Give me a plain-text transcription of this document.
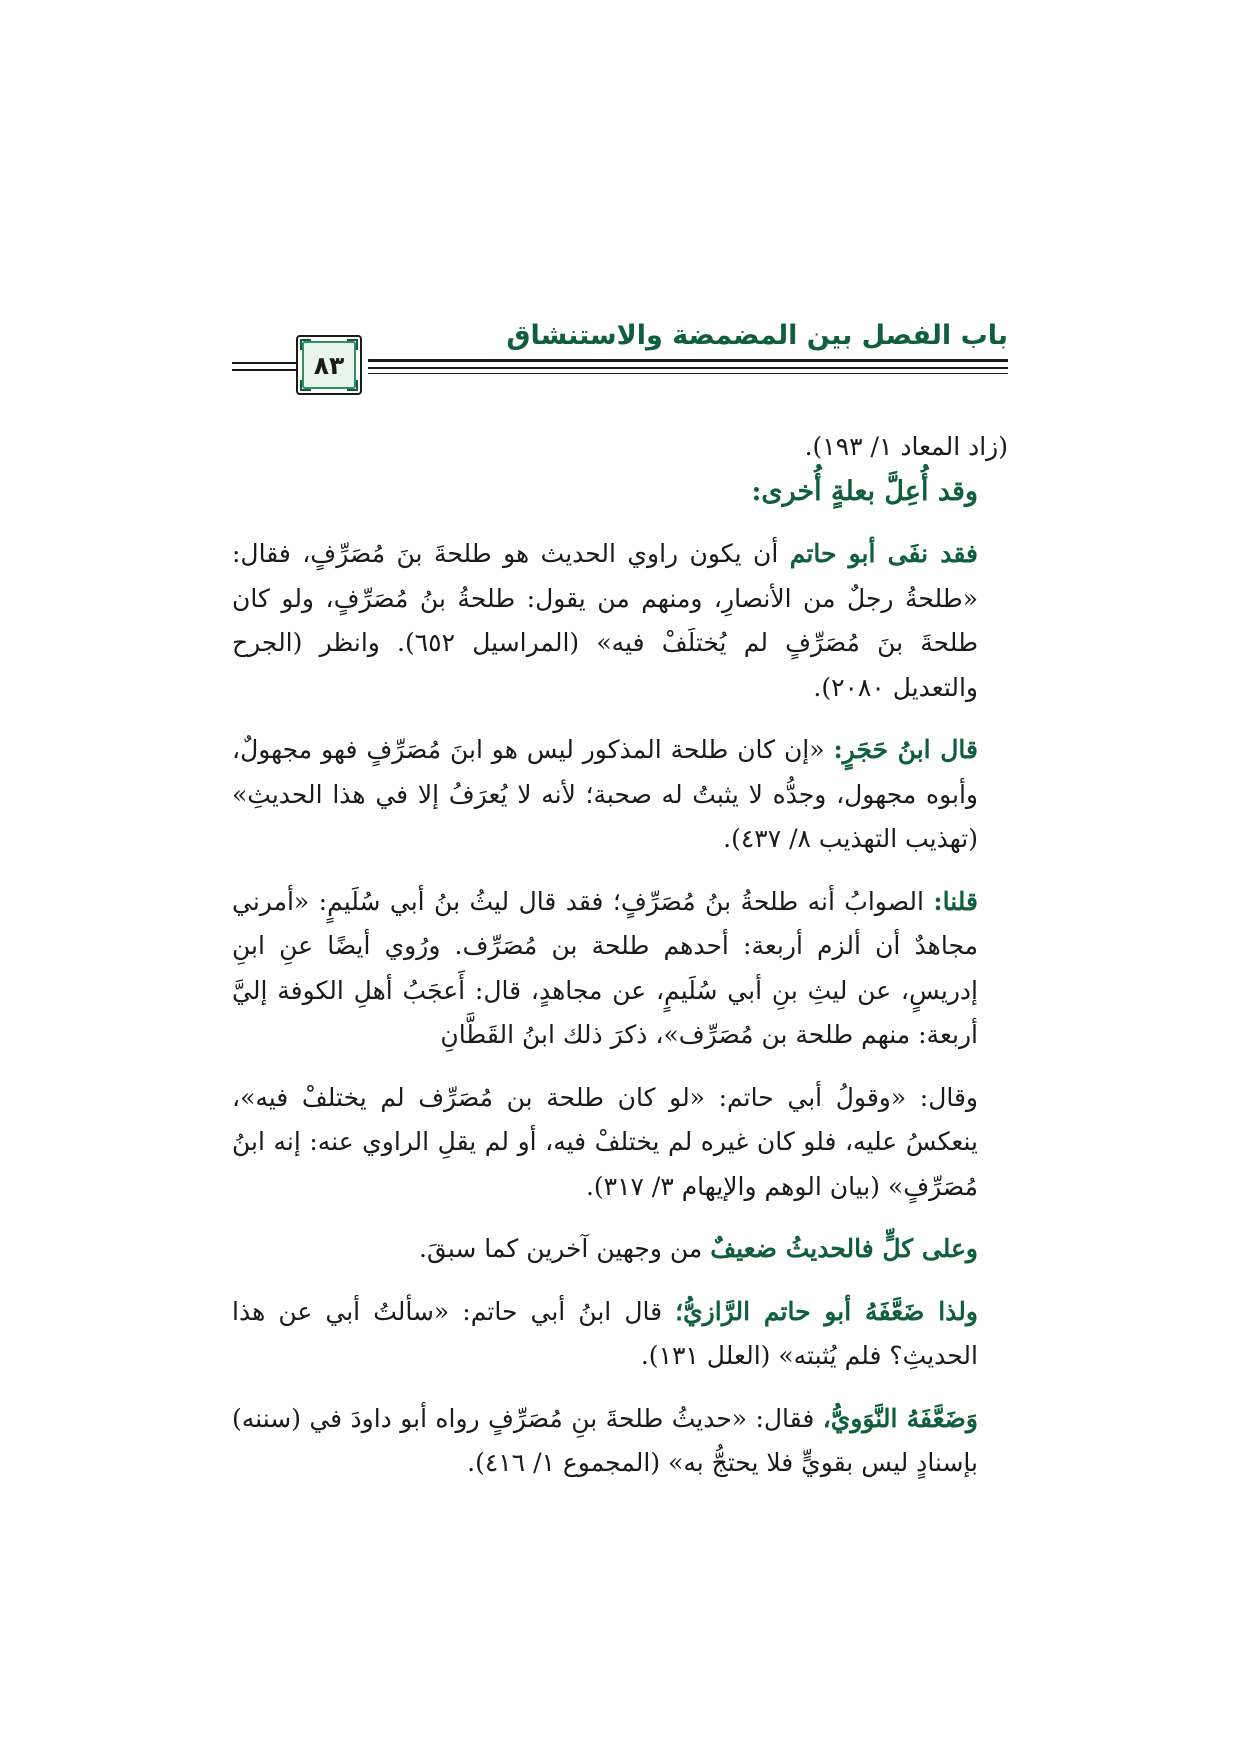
باب الفصل بين المضمضة والاستنشاق
٨٣

(زاد المعاد ١/ ١٩٣).

وقد أُعِلَّ بعلةٍ أُخرى:

فقد نفَى أبو حاتم أن يكون راوي الحديث هو طلحةَ بنَ مُصَرِّفٍ، فقال: «طلحةُ رجلٌ من الأنصارِ، ومنهم من يقول: طلحةُ بنُ مُصَرِّفٍ، ولو كان طلحةَ بنَ مُصَرِّفٍ لم يُختلَفْ فيه» (المراسيل ٦٥٢). وانظر (الجرح والتعديل ٢٠٨٠).

قال ابنُ حَجَرٍ: «إن كان طلحة المذكور ليس هو ابنَ مُصَرِّفٍ فهو مجهولٌ، وأبوه مجهول، وجدُّه لا يثبتُ له صحبة؛ لأنه لا يُعرَفُ إلا في هذا الحديثِ» (تهذيب التهذيب ٨/ ٤٣٧).

قلنا: الصوابُ أنه طلحةُ بنُ مُصَرِّفٍ؛ فقد قال ليثُ بنُ أبي سُلَيمٍ: «أمرني مجاهدٌ أن ألزم أربعة: أحدهم طلحة بن مُصَرِّف. ورُوي أيضًا عنِ ابنِ إدريسٍ، عن ليثِ بنِ أبي سُلَيمٍ، عن مجاهدٍ، قال: أَعجَبُ أهلِ الكوفة إليَّ أربعة: منهم طلحة بن مُصَرِّف»، ذكرَ ذلك ابنُ القَطَّانِ

وقال: «وقولُ أبي حاتم: «لو كان طلحة بن مُصَرِّف لم يختلفْ فيه»، ينعكسُ عليه، فلو كان غيره لم يختلفْ فيه، أو لم يقلِ الراوي عنه: إنه ابنُ مُصَرِّفٍ» (بيان الوهم والإيهام ٣/ ٣١٧).

وعلى كلٍّ فالحديثُ ضعيفٌ من وجهين آخرين كما سبقَ.

ولذا ضَعَّفَهُ أبو حاتم الرَّازيُّ؛ قال ابنُ أبي حاتم: «سألتُ أبي عن هذا الحديثِ؟ فلم يُثبته» (العلل ١٣١).

وَضَعَّفَهُ النَّوَويُّ، فقال: «حديثُ طلحةَ بنِ مُصَرِّفٍ رواه أبو داودَ في (سننه) بإسنادٍ ليس بقويٍّ فلا يحتجُّ به» (المجموع ١/ ٤١٦).
